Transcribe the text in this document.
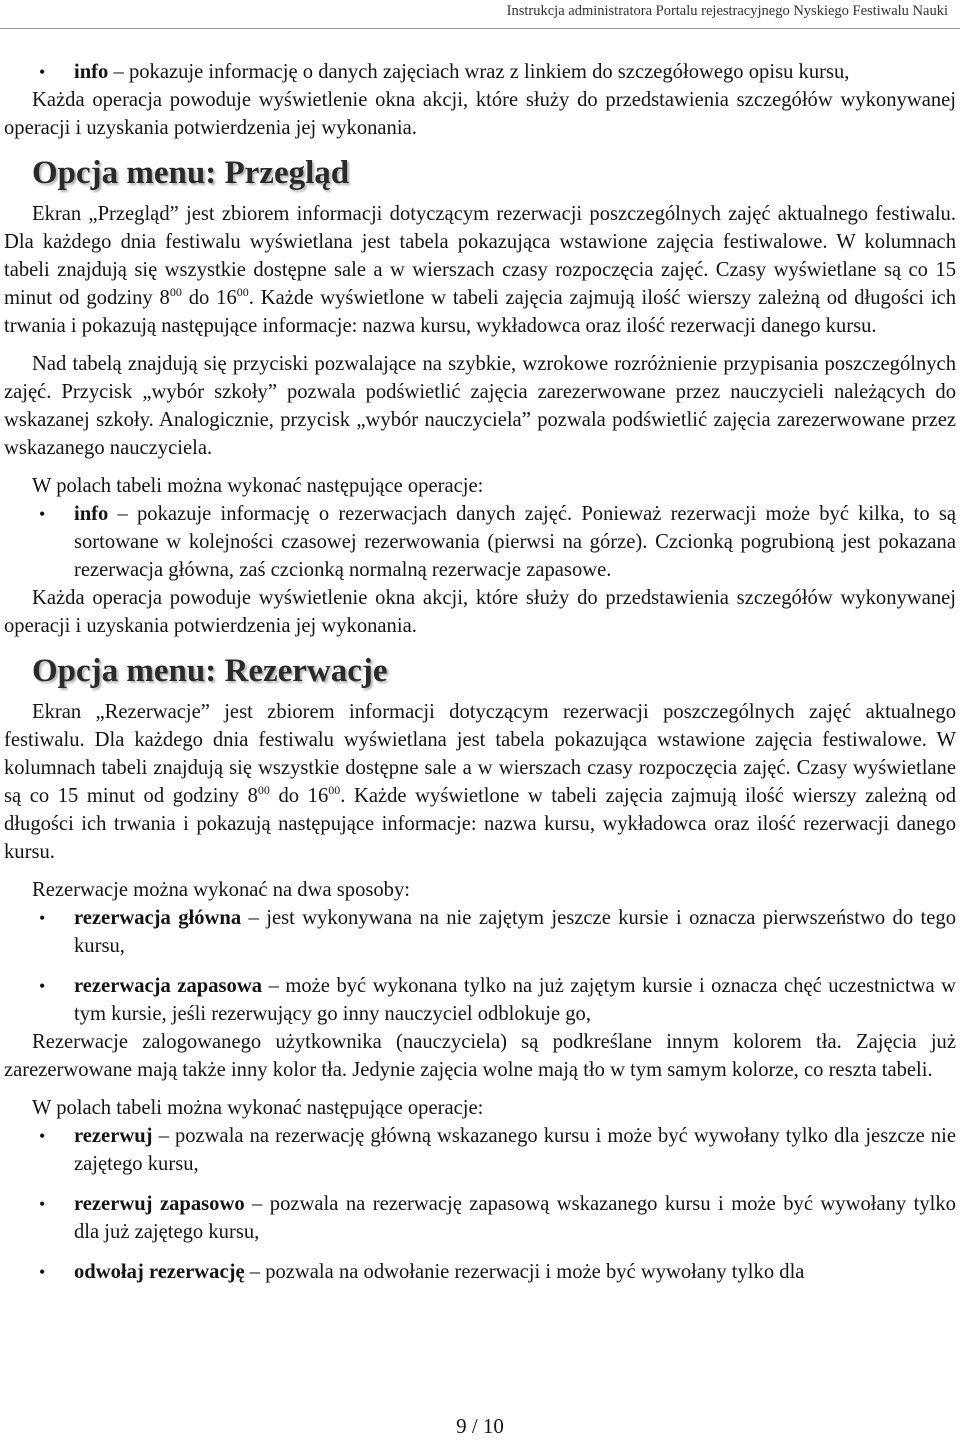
Instrukcja administratora Portalu rejestracyjnego Nyskiego Festiwalu Nauki
• info – pokazuje informację o danych zajęciach wraz z linkiem do szczegółowego opisu kursu,

Każda operacja powoduje wyświetlenie okna akcji, które służy do przedstawienia szczegółów wykonywanej operacji i uzyskania potwierdzenia jej wykonania.

Opcja menu: Przegląd

Ekran „Przegląd” jest zbiorem informacji dotyczącym rezerwacji poszczególnych zajęć aktualnego festiwalu. Dla każdego dnia festiwalu wyświetlana jest tabela pokazująca wstawione zajęcia festiwalowe. W kolumnach tabeli znajdują się wszystkie dostępne sale a w wierszach czasy rozpoczęcia zajęć. Czasy wyświetlane są co 15 minut od godziny $8^{00}$ do $16^{00}$. Każde wyświetlone w tabeli zajęcia zajmują ilość wierszy zależną od długości ich trwania i pokazują następujące informacje: nazwa kursu, wykładowca oraz ilość rezerwacji danego kursu.

Nad tabelą znajdują się przyciski pozwalające na szybkie, wzrokowe rozróżnienie przypisania poszczególnych zajęć. Przycisk „wybór szkoły” pozwala podświetlić zajęcia zarezerwowane przez nauczycieli należących do wskazanej szkoły. Analogicznie, przycisk „wybór nauczyciela” pozwala podświetlić zajęcia zarezerwowane przez wskazanego nauczyciela.

W polach tabeli można wykonać następujące operacje:

• info – pokazuje informację o rezerwacjach danych zajęć. Ponieważ rezerwacji może być kilka, to są sortowane w kolejności czasowej rezerwowania (pierwsi na górze). Czcionką pogrubioną jest pokazana rezerwacja główna, zaś czcionką normalną rezerwacje zapasowe.

Każda operacja powoduje wyświetlenie okna akcji, które służy do przedstawienia szczegółów wykonywanej operacji i uzyskania potwierdzenia jej wykonania.

Opcja menu: Rezerwacje

Ekran „Rezerwacje” jest zbiorem informacji dotyczącym rezerwacji poszczególnych zajęć aktualnego festiwalu. Dla każdego dnia festiwalu wyświetlana jest tabela pokazująca wstawione zajęcia festiwalowe. W kolumnach tabeli znajdują się wszystkie dostępne sale a w wierszach czasy rozpoczęcia zajęć. Czasy wyświetlane są co 15 minut od godziny $8^{00}$ do $16^{00}$. Każde wyświetlone w tabeli zajęcia zajmują ilość wierszy zależną od długości ich trwania i pokazują następujące informacje: nazwa kursu, wykładowca oraz ilość rezerwacji danego kursu.

Rezerwacje można wykonać na dwa sposoby:

• rezerwacja główna – jest wykonywana na nie zajętym jeszcze kursie i oznacza pierwszeństwo do tego kursu,
• rezerwacja zapasowa – może być wykonana tylko na już zajętym kursie i oznacza chęć uczestnictwa w tym kursie, jeśli rezerwujący go inny nauczyciel odblokuje go,

Rezerwacje zalogowanego użytkownika (nauczyciela) są podkreślane innym kolorem tła. Zajęcia już zarezerwowane mają także inny kolor tła. Jedynie zajęcia wolne mają tło w tym samym kolorze, co reszta tabeli.

W polach tabeli można wykonać następujące operacje:

• rezerwuj – pozwala na rezerwację główną wskazanego kursu i może być wywołany tylko dla jeszcze nie zajętego kursu,
• rezerwuj zapasowo – pozwala na rezerwację zapasową wskazanego kursu i może być wywołany tylko dla już zajętego kursu,
• odwołaj rezerwację – pozwala na odwołanie rezerwacji i może być wywołany tylko dla
9 / 10
